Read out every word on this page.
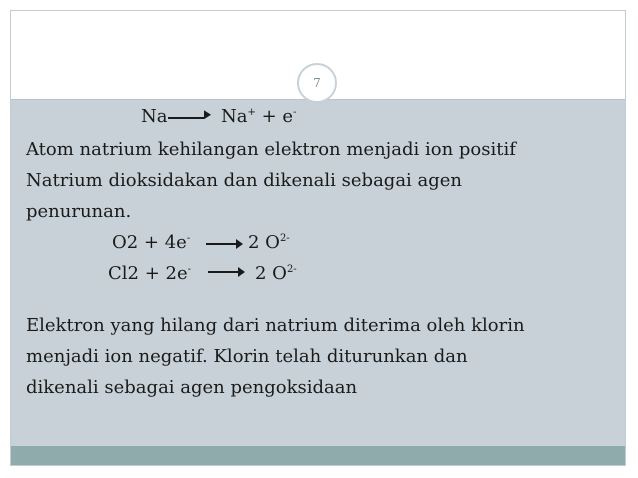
7
Na → Na+ + e-
Atom natrium kehilangan elektron menjadi ion positif
Natrium dioksidakan dan dikenali sebagai agen
penurunan.
O2 + 4e- → 2 $O^{2-}$
Cl2 + 2e- → 2 $O^{2-}$
Elektron yang hilang dari natrium diterima oleh klorin
menjadi ion negatif. Klorin telah diturunkan dan
dikenali sebagai agen pengoksidaan
